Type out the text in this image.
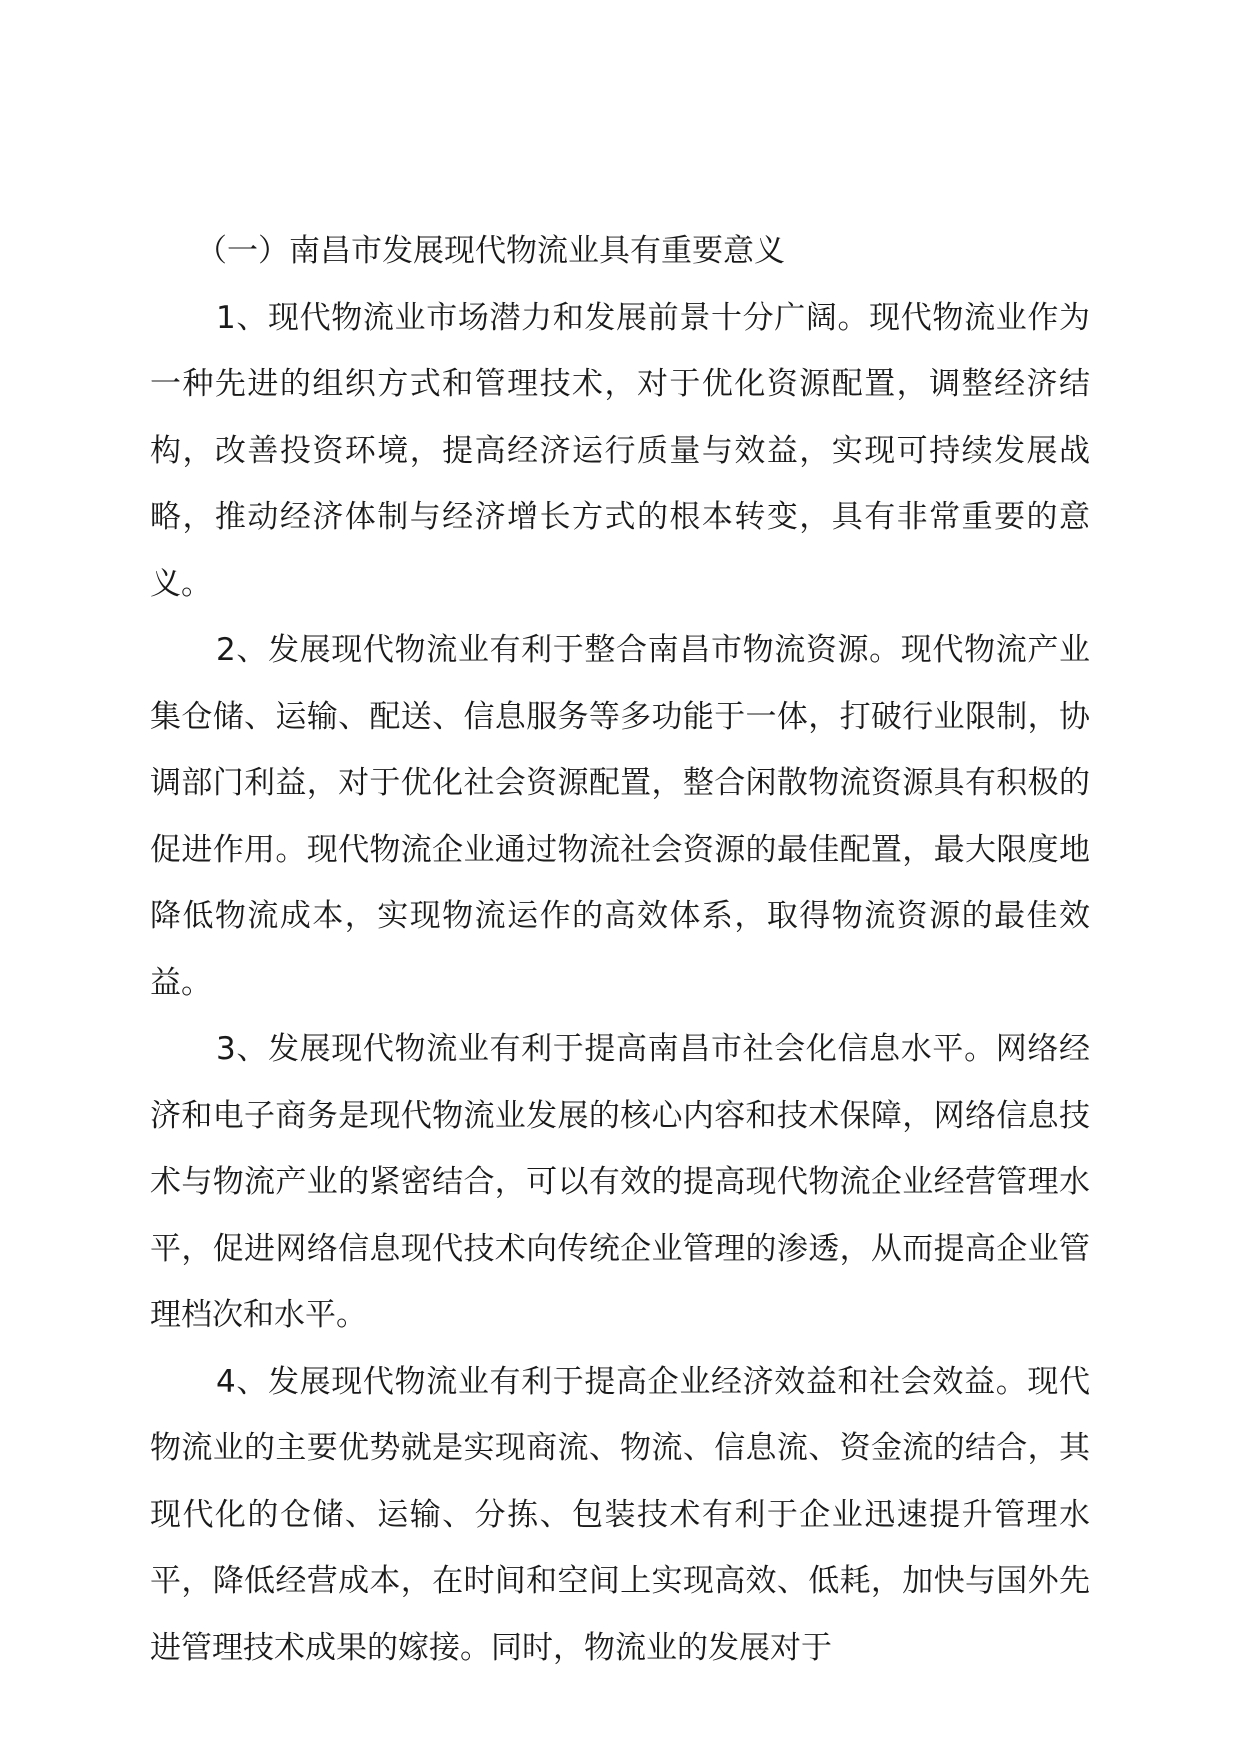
（一）南昌市发展现代物流业具有重要意义

1、现代物流业市场潜力和发展前景十分广阔。现代物流业作为一种先进的组织方式和管理技术，对于优化资源配置，调整经济结构，改善投资环境，提高经济运行质量与效益，实现可持续发展战略，推动经济体制与经济增长方式的根本转变，具有非常重要的意义。

2、发展现代物流业有利于整合南昌市物流资源。现代物流产业集仓储、运输、配送、信息服务等多功能于一体，打破行业限制，协调部门利益，对于优化社会资源配置，整合闲散物流资源具有积极的促进作用。现代物流企业通过物流社会资源的最佳配置，最大限度地降低物流成本，实现物流运作的高效体系，取得物流资源的最佳效益。

3、发展现代物流业有利于提高南昌市社会化信息水平。网络经济和电子商务是现代物流业发展的核心内容和技术保障，网络信息技术与物流产业的紧密结合，可以有效的提高现代物流企业经营管理水平，促进网络信息现代技术向传统企业管理的渗透，从而提高企业管理档次和水平。

4、发展现代物流业有利于提高企业经济效益和社会效益。现代物流业的主要优势就是实现商流、物流、信息流、资金流的结合，其现代化的仓储、运输、分拣、包装技术有利于企业迅速提升管理水平，降低经营成本，在时间和空间上实现高效、低耗，加快与国外先进管理技术成果的嫁接。同时，物流业的发展对于
